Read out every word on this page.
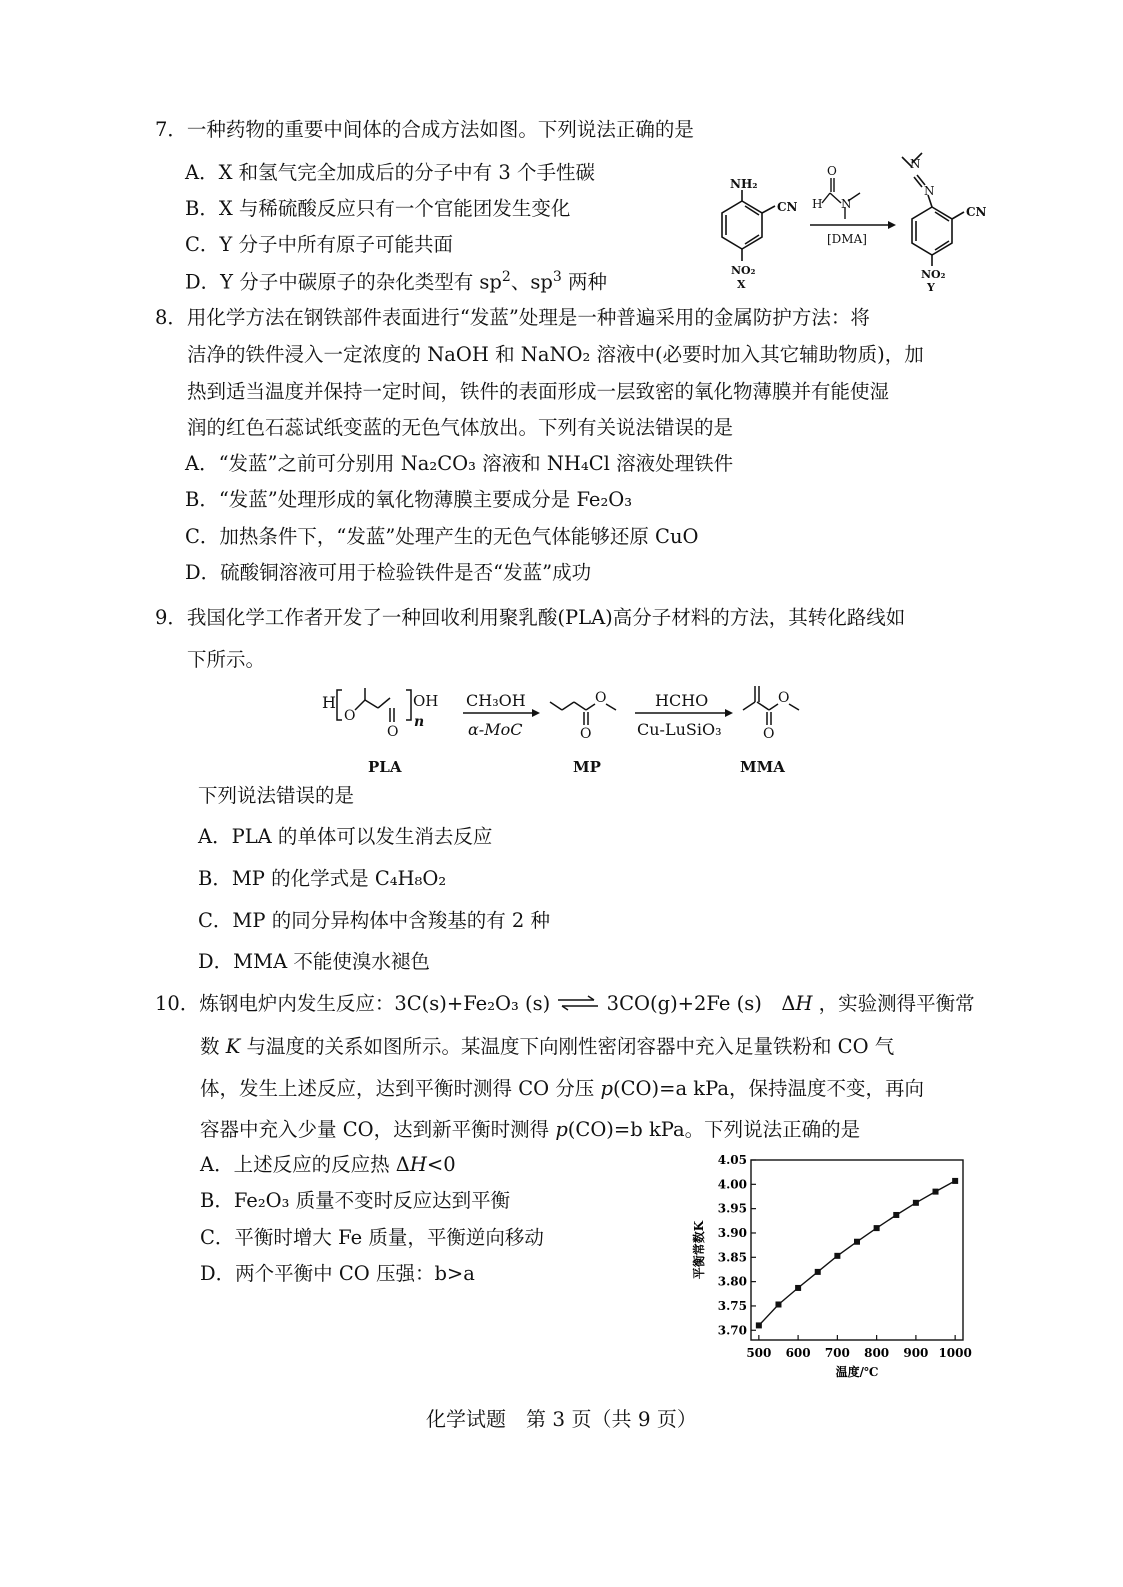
7．一种药物的重要中间体的合成方法如图。下列说法正确的是
A．X 和氢气完全加成后的分子中有 3 个手性碳
B．X 与稀硫酸反应只有一个官能团发生变化
C．Y 分子中所有原子可能共面
D．Y 分子中碳原子的杂化类型有 $sp^2$、$sp^3$ 两种
NH₂
CN
NO₂
X
H
O
N
[DMA]
N
N
CN
NO₂
Y
8．用化学方法在钢铁部件表面进行“发蓝”处理是一种普遍采用的金属防护方法：将
洁净的铁件浸入一定浓度的 NaOH 和 NaNO₂ 溶液中(必要时加入其它辅助物质)，加
热到适当温度并保持一定时间，铁件的表面形成一层致密的氧化物薄膜并有能使湿
润的红色石蕊试纸变蓝的无色气体放出。下列有关说法错误的是
A．“发蓝”之前可分别用 Na₂CO₃ 溶液和 NH₄Cl 溶液处理铁件
B．“发蓝”处理形成的氧化物薄膜主要成分是 Fe₂O₃
C．加热条件下，“发蓝”处理产生的无色气体能够还原 CuO
D．硫酸铜溶液可用于检验铁件是否“发蓝”成功
9．我国化学工作者开发了一种回收利用聚乳酸(PLA)高分子材料的方法，其转化路线如
下所示。
H
O
O
OH
n
CH₃OH
α-MoC
O
O
HCHO
Cu-LuSiO₃
O
O
PLA	MP	MMA
下列说法错误的是
A．PLA 的单体可以发生消去反应
B．MP 的化学式是 C₄H₈O₂
C．MP 的同分异构体中含羧基的有 2 种
D．MMA 不能使溴水褪色
10．炼钢电炉内发生反应：3C(s)+Fe₂O₃ (s) ⇌ 3CO(g)+2Fe (s)  ΔH ，实验测得平衡常
数 K 与温度的关系如图所示。某温度下向刚性密闭容器中充入足量铁粉和 CO 气
体，发生上述反应，达到平衡时测得 CO 分压 p(CO)=a kPa，保持温度不变，再向
容器中充入少量 CO，达到新平衡时测得 p(CO)=b kPa。下列说法正确的是
A．上述反应的反应热 ΔH<0
B．Fe₂O₃ 质量不变时反应达到平衡
C．平衡时增大 Fe 质量，平衡逆向移动
D．两个平衡中 CO 压强：b>a
3.70
3.75
3.80
3.85
3.90
3.95
4.00
4.05
500 600 700 800 900 1000
温度/℃
平衡常数K
化学试题　第 3 页（共 9 页）
